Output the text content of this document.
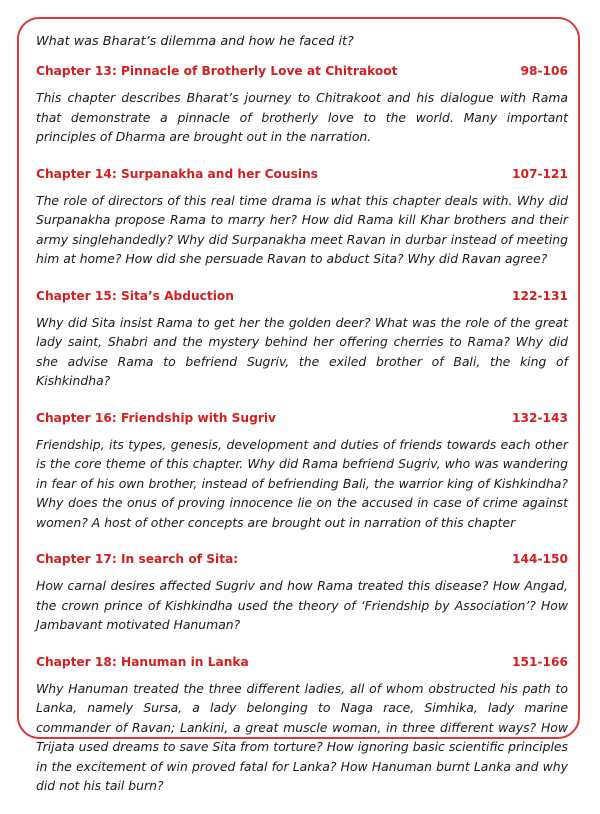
What was Bharat’s dilemma and how he faced it?

Chapter 13: Pinnacle of Brotherly Love at Chitrakoot	98-106

This chapter describes Bharat’s journey to Chitrakoot and his dialogue with Rama that demonstrate a pinnacle of brotherly love to the world. Many important principles of Dharma are brought out in the narration.

Chapter 14: Surpanakha and her Cousins	107-121

The role of directors of this real time drama is what this chapter deals with. Why did Surpanakha propose Rama to marry her? How did Rama kill Khar brothers and their army singlehandedly? Why did Surpanakha meet Ravan in durbar instead of meeting him at home? How did she persuade Ravan to abduct Sita? Why did Ravan agree?

Chapter 15: Sita’s Abduction	122-131

Why did Sita insist Rama to get her the golden deer? What was the role of the great lady saint, Shabri and the mystery behind her offering cherries to Rama? Why did she advise Rama to befriend Sugriv, the exiled brother of Bali, the king of Kishkindha?

Chapter 16: Friendship with Sugriv	132-143

Friendship, its types, genesis, development and duties of friends towards each other is the core theme of this chapter. Why did Rama befriend Sugriv, who was wandering in fear of his own brother, instead of befriending Bali, the warrior king of Kishkindha? Why does the onus of proving innocence lie on the accused in case of crime against women? A host of other concepts are brought out in narration of this chapter

Chapter 17: In search of Sita:	144-150

How carnal desires affected Sugriv and how Rama treated this disease? How Angad, the crown prince of Kishkindha used the theory of ‘Friendship by Association’? How Jambavant motivated Hanuman?

Chapter 18: Hanuman in Lanka	151-166

Why Hanuman treated the three different ladies, all of whom obstructed his path to Lanka, namely Sursa, a lady belonging to Naga race, Simhika, lady marine commander of Ravan; Lankini, a great muscle woman, in three different ways? How Trijata used dreams to save Sita from torture? How ignoring basic scientific principles in the excitement of win proved fatal for Lanka? How Hanuman burnt Lanka and why did not his tail burn?
